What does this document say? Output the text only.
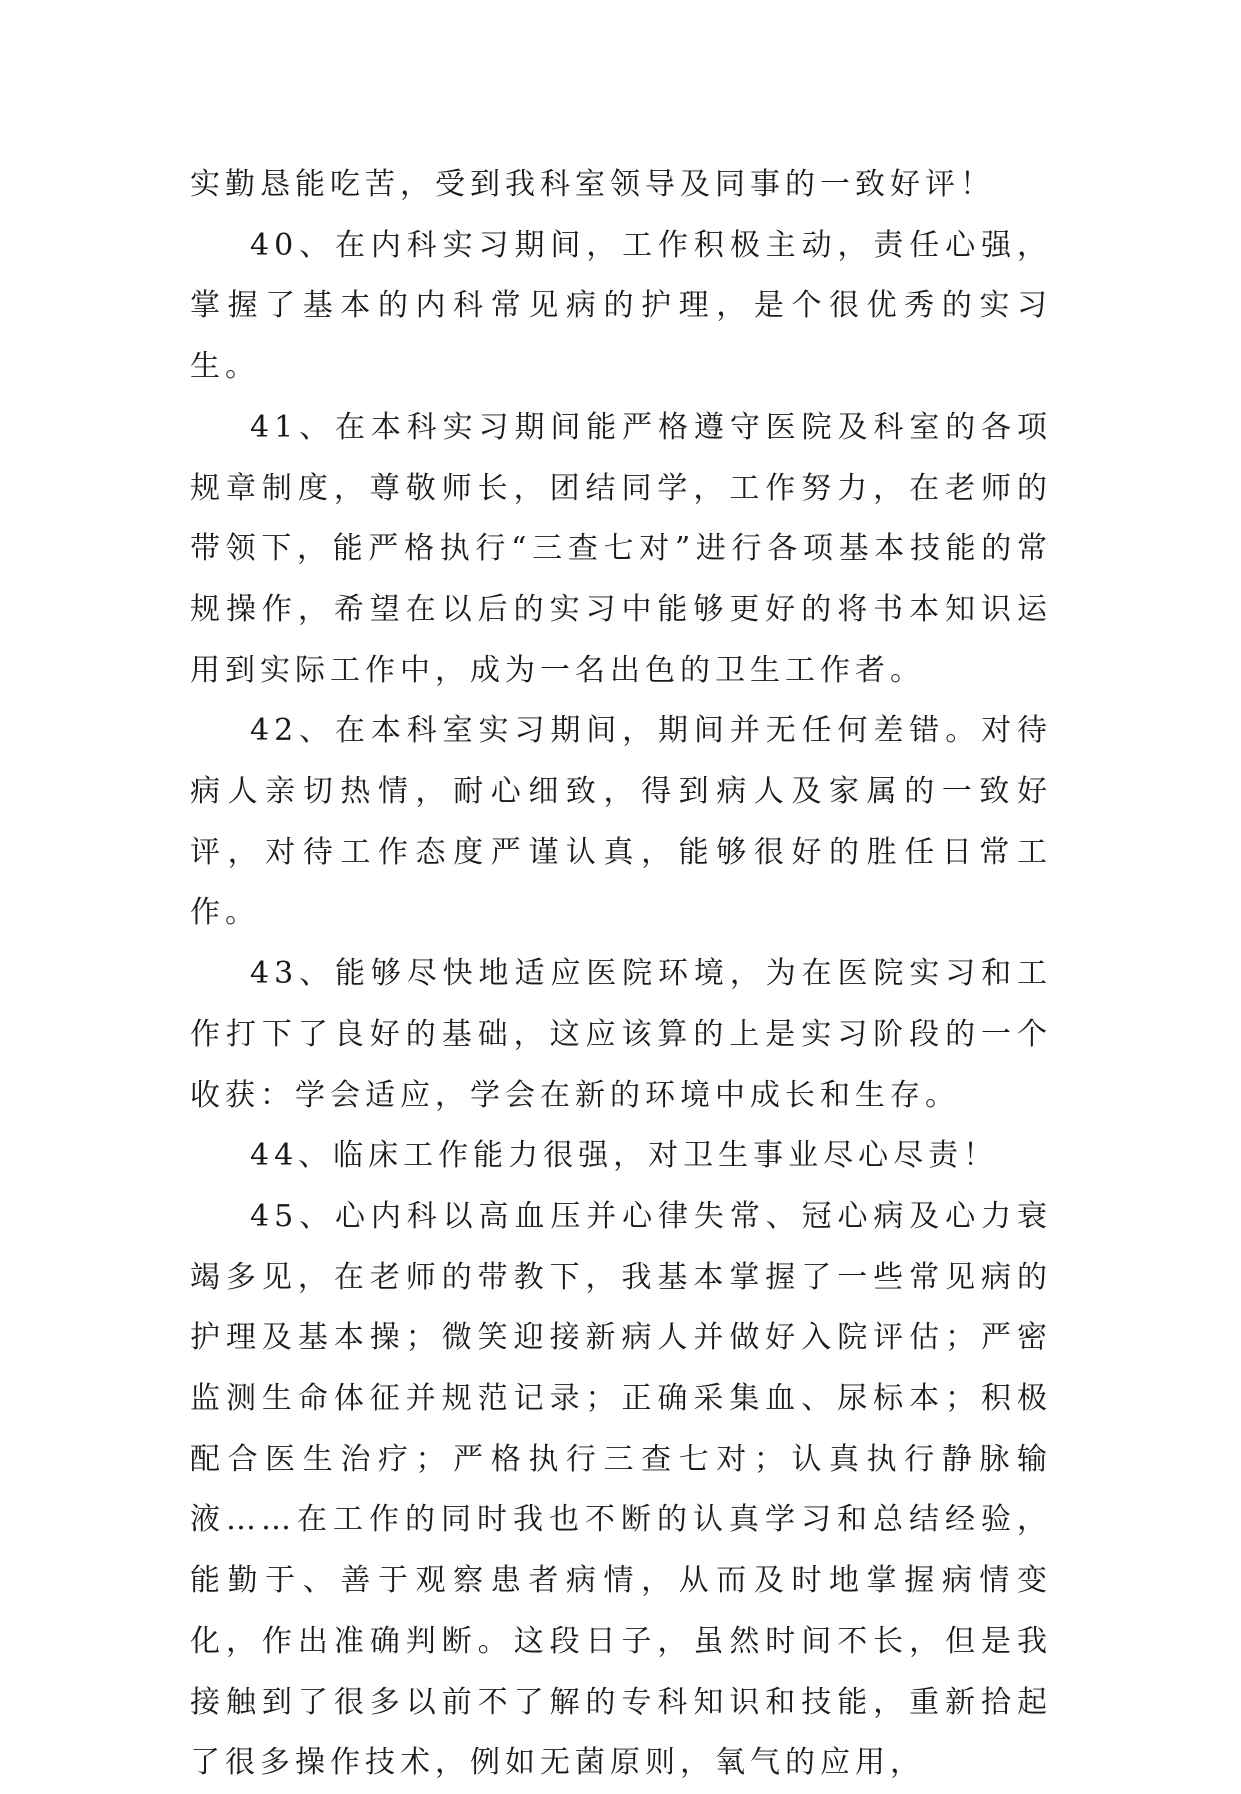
实勤恳能吃苦，受到我科室领导及同事的一致好评！

40、在内科实习期间，工作积极主动，责任心强，掌握了基本的内科常见病的护理，是个很优秀的实习生。

41、在本科实习期间能严格遵守医院及科室的各项规章制度，尊敬师长，团结同学，工作努力，在老师的带领下，能严格执行“三查七对”进行各项基本技能的常规操作，希望在以后的实习中能够更好的将书本知识运用到实际工作中，成为一名出色的卫生工作者。

42、在本科室实习期间，期间并无任何差错。对待病人亲切热情，耐心细致，得到病人及家属的一致好评，对待工作态度严谨认真，能够很好的胜任日常工作。

43、能够尽快地适应医院环境，为在医院实习和工作打下了良好的基础，这应该算的上是实习阶段的一个收获：学会适应，学会在新的环境中成长和生存。

44、临床工作能力很强，对卫生事业尽心尽责！

45、心内科以高血压并心律失常、冠心病及心力衰竭多见，在老师的带教下，我基本掌握了一些常见病的护理及基本操；微笑迎接新病人并做好入院评估；严密监测生命体征并规范记录；正确采集血、尿标本；积极配合医生治疗；严格执行三查七对；认真执行静脉输液……在工作的同时我也不断的认真学习和总结经验，能勤于、善于观察患者病情，从而及时地掌握病情变化，作出准确判断。这段日子，虽然时间不长，但是我接触到了很多以前不了解的专科知识和技能，重新拾起了很多操作技术，例如无菌原则，氧气的应用，
